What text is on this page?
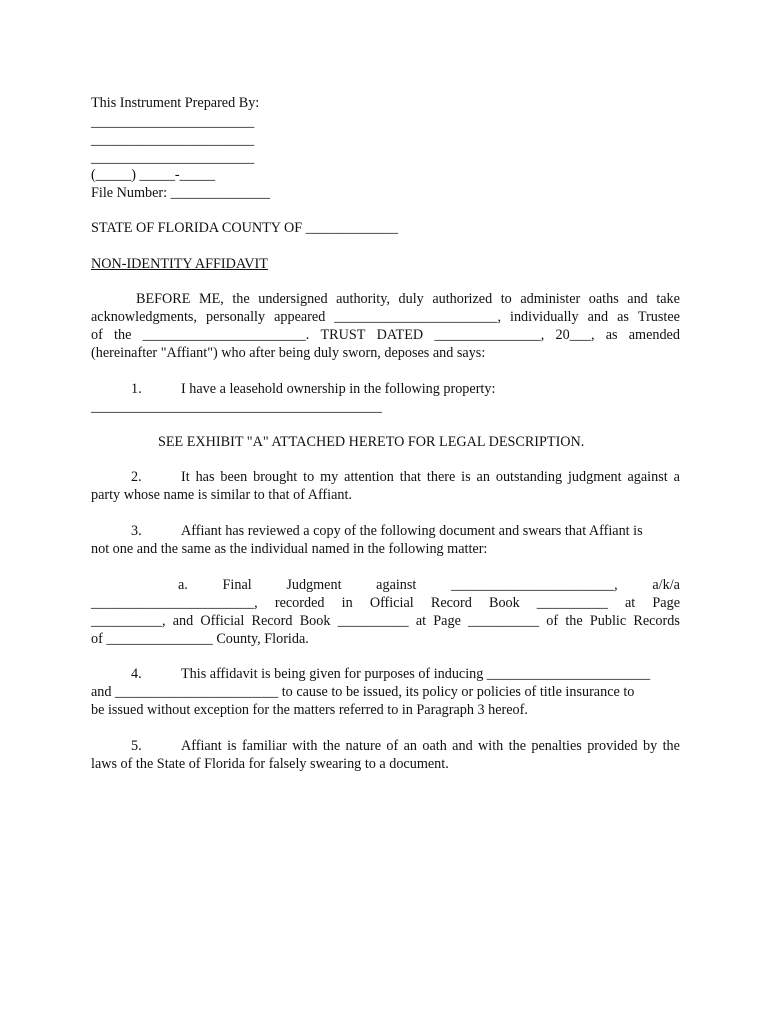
This Instrument Prepared By:
_______________________
_______________________
_______________________
(_____) _____-_____
File Number: ______________
STATE OF FLORIDA COUNTY OF _____________
NON-IDENTITY AFFIDAVIT
BEFORE ME, the undersigned authority, duly authorized to administer oaths and take
acknowledgments, personally appeared _______________________, individually and as Trustee
of the _______________________. TRUST DATED _______________, 20___, as amended
(hereinafter "Affiant") who after being duly sworn, deposes and says:
1.	I have a leasehold ownership in the following property:
_________________________________________
SEE EXHIBIT "A" ATTACHED HERETO FOR LEGAL DESCRIPTION.
2.	It has been brought to my attention that there is an outstanding judgment against a
party whose name is similar to that of Affiant.
3.	Affiant has reviewed a copy of the following document and swears that Affiant is
not one and the same as the individual named in the following matter:
a. Final Judgment against _______________________, a/k/a
_______________________, recorded in Official Record Book __________ at Page
__________, and Official Record Book __________ at Page __________ of the Public Records
of _______________ County, Florida.
4.	This affidavit is being given for purposes of inducing _______________________
and _______________________ to cause to be issued, its policy or policies of title insurance to
be issued without exception for the matters referred to in Paragraph 3 hereof.
5.	Affiant is familiar with the nature of an oath and with the penalties provided by the
laws of the State of Florida for falsely swearing to a document.
